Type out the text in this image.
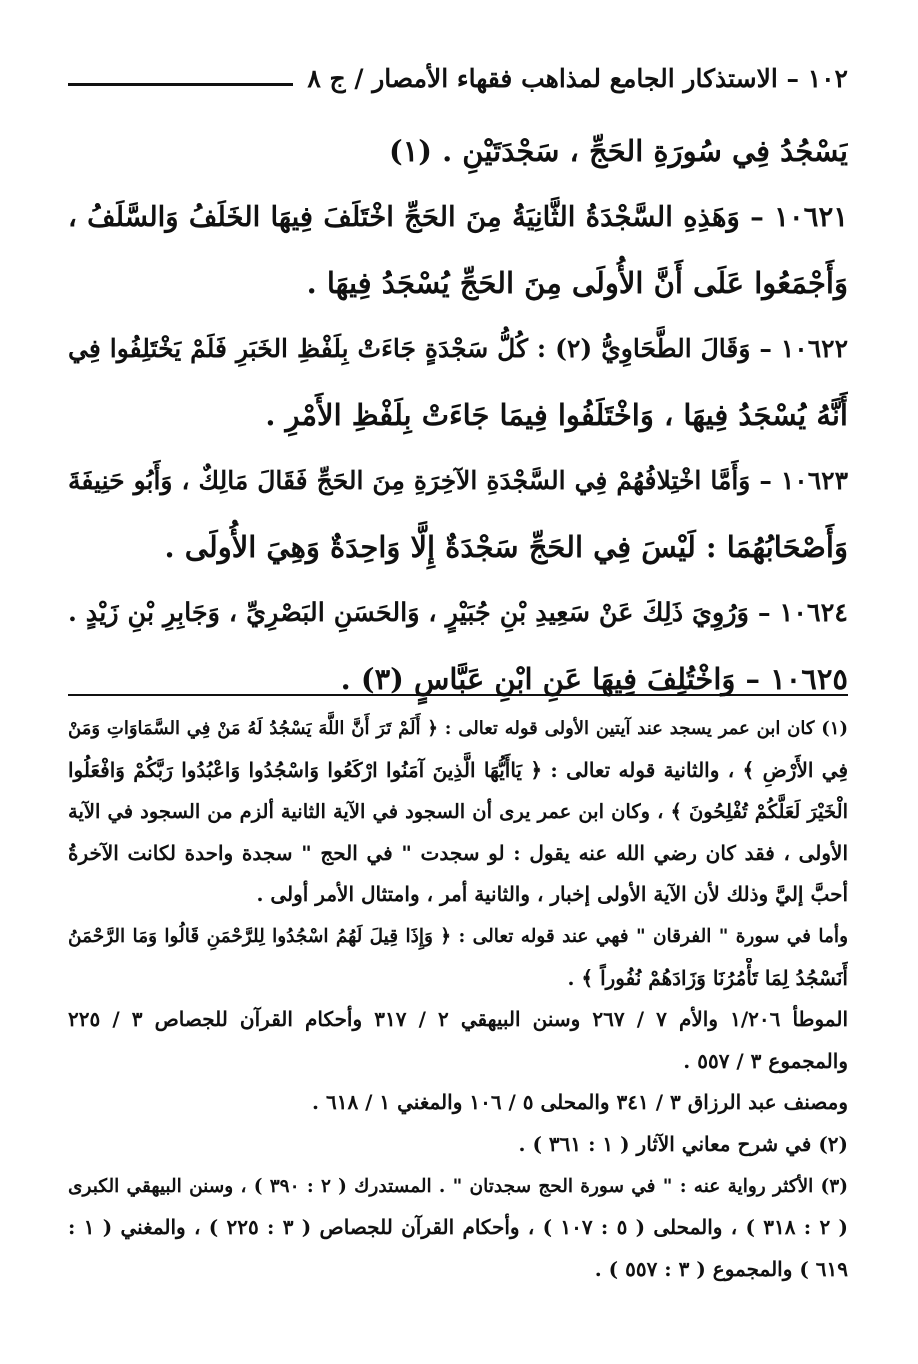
١٠٢ – الاستذكار الجامع لمذاهب فقهاء الأمصار / ج ٨
يَسْجُدُ فِي سُورَةِ الحَجِّ ، سَجْدَتَيْنِ . (١)
١٠٦٢١ – وَهَذِهِ السَّجْدَةُ الثَّانِيَةُ مِنَ الحَجِّ اخْتَلَفَ فِيهَا الخَلَفُ وَالسَّلَفُ ،
وَأَجْمَعُوا عَلَى أَنَّ الأُولَى مِنَ الحَجِّ يُسْجَدُ فِيهَا .
١٠٦٢٢ – وَقَالَ الطَّحَاوِيُّ (٢) : كُلُّ سَجْدَةٍ جَاءَتْ بِلَفْظِ الخَبَرِ فَلَمْ يَخْتَلِفُوا فِي
أَنَّهُ يُسْجَدُ فِيهَا ، وَاخْتَلَفُوا فِيمَا جَاءَتْ بِلَفْظِ الأَمْرِ .
١٠٦٢٣ – وَأَمَّا اخْتِلافُهُمْ فِي السَّجْدَةِ الآخِرَةِ مِنَ الحَجِّ فَقَالَ مَالِكٌ ، وَأَبُو حَنِيفَةَ
وَأَصْحَابُهُمَا : لَيْسَ فِي الحَجِّ سَجْدَةٌ إِلَّا وَاحِدَةٌ وَهِيَ الأُولَى .
١٠٦٢٤ – وَرُوِيَ ذَلِكَ عَنْ سَعِيدِ بْنِ جُبَيْرٍ ، وَالحَسَنِ البَصْرِيِّ ، وَجَابِرِ بْنِ زَيْدٍ .
١٠٦٢٥ – وَاخْتُلِفَ فِيهَا عَنِ ابْنِ عَبَّاسٍ (٣) .
(١) كان ابن عمر يسجد عند آيتين الأولى قوله تعالى : ﴿ أَلَمْ تَرَ أَنَّ اللَّهَ يَسْجُدُ لَهُ مَنْ فِي السَّمَاوَاتِ وَمَنْ
فِي الأَرْضِ ﴾ ، والثانية قوله تعالى : ﴿ يَاأَيُّهَا الَّذِينَ آمَنُوا ارْكَعُوا وَاسْجُدُوا وَاعْبُدُوا رَبَّكُمْ وَافْعَلُوا
الْخَيْرَ لَعَلَّكُمْ تُفْلِحُونَ ﴾ ، وكان ابن عمر يرى أن السجود في الآية الثانية ألزم من السجود في الآية
الأولى ، فقد كان رضي الله عنه يقول : لو سجدت " في الحج " سجدة واحدة لكانت الآخرةُ
أحبَّ إليَّ وذلك لأن الآية الأولى إخبار ، والثانية أمر ، وامتثال الأمر أولى .
وأما في سورة " الفرقان " فهي عند قوله تعالى : ﴿ وَإِذَا قِيلَ لَهُمُ اسْجُدُوا لِلرَّحْمَنِ قَالُوا وَمَا الرَّحْمَنُ
أَنَسْجُدُ لِمَا تَأْمُرُنَا وَزَادَهُمْ نُفُوراً ﴾ .
الموطأ ١/٢٠٦ والأم ٧ / ٢٦٧ وسنن البيهقي ٢ / ٣١٧ وأحكام القرآن للجصاص ٣ / ٢٢٥
والمجموع ٣ / ٥٥٧ .
ومصنف عبد الرزاق ٣ / ٣٤١ والمحلى ٥ / ١٠٦ والمغني ١ / ٦١٨ .
(٢) في شرح معاني الآثار ( ١ : ٣٦١ ) .
(٣) الأكثر رواية عنه : " في سورة الحج سجدتان " . المستدرك ( ٢ : ٣٩٠ ) ، وسنن البيهقي الكبرى
( ٢ : ٣١٨ ) ، والمحلى ( ٥ : ١٠٧ ) ، وأحكام القرآن للجصاص ( ٣ : ٢٢٥ ) ، والمغني ( ١ :
٦١٩ ) والمجموع ( ٣ : ٥٥٧ ) .
